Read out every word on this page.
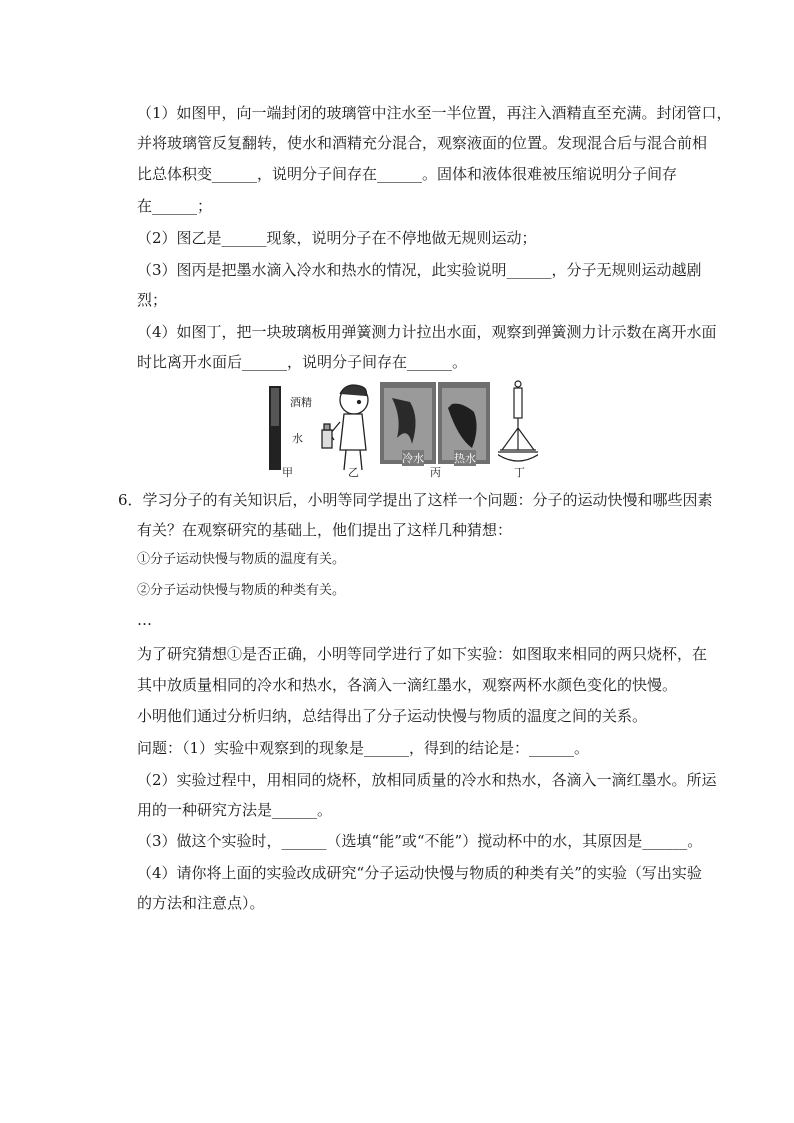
（1）如图甲，向一端封闭的玻璃管中注水至一半位置，再注入酒精直至充满。封闭管口，
并将玻璃管反复翻转，使水和酒精充分混合，观察液面的位置。发现混合后与混合前相
比总体积变______，说明分子间存在______。固体和液体很难被压缩说明分子间存
在______；
（2）图乙是______现象，说明分子在不停地做无规则运动；
（3）图丙是把墨水滴入冷水和热水的情况，此实验说明______，分子无规则运动越剧
烈；
（4）如图丁，把一块玻璃板用弹簧测力计拉出水面，观察到弹簧测力计示数在离开水面
时比离开水面后______，说明分子间存在______。
酒精
水
甲	乙
冷水
丙
热水
丁
6．学习分子的有关知识后，小明等同学提出了这样一个问题：分子的运动快慢和哪些因素
有关？在观察研究的基础上，他们提出了这样几种猜想：
①分子运动快慢与物质的温度有关。
②分子运动快慢与物质的种类有关。
…
为了研究猜想①是否正确，小明等同学进行了如下实验：如图取来相同的两只烧杯，在
其中放质量相同的冷水和热水，各滴入一滴红墨水，观察两杯水颜色变化的快慢。
小明他们通过分析归纳，总结得出了分子运动快慢与物质的温度之间的关系。
问题：（1）实验中观察到的现象是______，得到的结论是：______。
（2）实验过程中，用相同的烧杯，放相同质量的冷水和热水，各滴入一滴红墨水。所运
用的一种研究方法是______。
（3）做这个实验时，______（选填“能”或“不能”）搅动杯中的水，其原因是______。
（4）请你将上面的实验改成研究“分子运动快慢与物质的种类有关”的实验（写出实验
的方法和注意点）。
